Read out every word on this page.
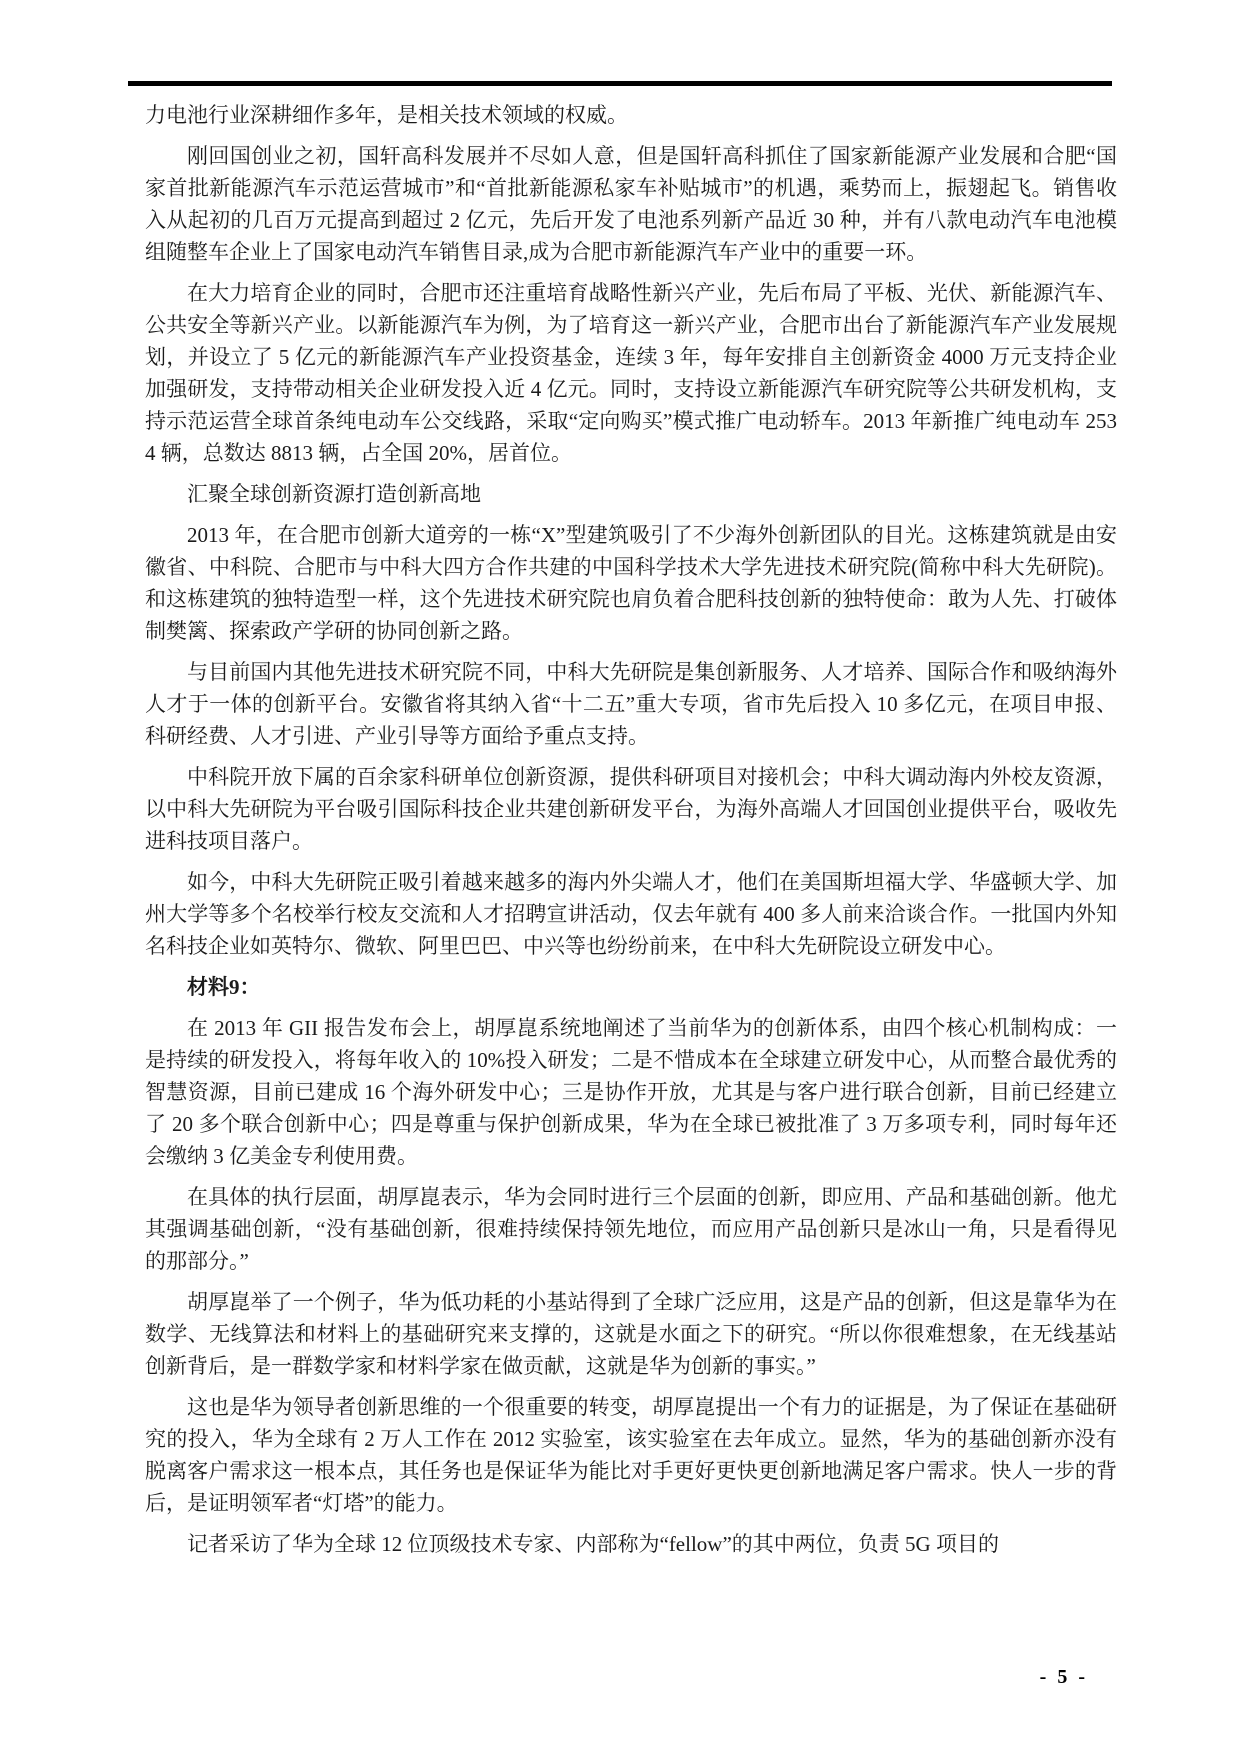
力电池行业深耕细作多年，是相关技术领域的权威。

刚回国创业之初，国轩高科发展并不尽如人意，但是国轩高科抓住了国家新能源产业发展和合肥“国家首批新能源汽车示范运营城市”和“首批新能源私家车补贴城市”的机遇，乘势而上，振翅起飞。销售收入从起初的几百万元提高到超过 2 亿元，先后开发了电池系列新产品近 30 种，并有八款电动汽车电池模组随整车企业上了国家电动汽车销售目录,成为合肥市新能源汽车产业中的重要一环。

在大力培育企业的同时，合肥市还注重培育战略性新兴产业，先后布局了平板、光伏、新能源汽车、公共安全等新兴产业。以新能源汽车为例，为了培育这一新兴产业，合肥市出台了新能源汽车产业发展规划，并设立了 5 亿元的新能源汽车产业投资基金，连续 3 年，每年安排自主创新资金 4000 万元支持企业加强研发，支持带动相关企业研发投入近 4 亿元。同时，支持设立新能源汽车研究院等公共研发机构，支持示范运营全球首条纯电动车公交线路，采取“定向购买”模式推广电动轿车。2013 年新推广纯电动车 2534 辆，总数达 8813 辆，占全国 20%，居首位。

汇聚全球创新资源打造创新高地

2013 年，在合肥市创新大道旁的一栋“X”型建筑吸引了不少海外创新团队的目光。这栋建筑就是由安徽省、中科院、合肥市与中科大四方合作共建的中国科学技术大学先进技术研究院(简称中科大先研院)。和这栋建筑的独特造型一样，这个先进技术研究院也肩负着合肥科技创新的独特使命：敢为人先、打破体制樊篱、探索政产学研的协同创新之路。

与目前国内其他先进技术研究院不同，中科大先研院是集创新服务、人才培养、国际合作和吸纳海外人才于一体的创新平台。安徽省将其纳入省“十二五”重大专项，省市先后投入 10 多亿元，在项目申报、科研经费、人才引进、产业引导等方面给予重点支持。

中科院开放下属的百余家科研单位创新资源，提供科研项目对接机会；中科大调动海内外校友资源，以中科大先研院为平台吸引国际科技企业共建创新研发平台，为海外高端人才回国创业提供平台，吸收先进科技项目落户。

如今，中科大先研院正吸引着越来越多的海内外尖端人才，他们在美国斯坦福大学、华盛顿大学、加州大学等多个名校举行校友交流和人才招聘宣讲活动，仅去年就有 400 多人前来洽谈合作。一批国内外知名科技企业如英特尔、微软、阿里巴巴、中兴等也纷纷前来，在中科大先研院设立研发中心。

材料9：

在 2013 年 GII 报告发布会上，胡厚崑系统地阐述了当前华为的创新体系，由四个核心机制构成：一是持续的研发投入，将每年收入的 10%投入研发；二是不惜成本在全球建立研发中心，从而整合最优秀的智慧资源，目前已建成 16 个海外研发中心；三是协作开放，尤其是与客户进行联合创新，目前已经建立了 20 多个联合创新中心；四是尊重与保护创新成果，华为在全球已被批准了 3 万多项专利，同时每年还会缴纳 3 亿美金专利使用费。

在具体的执行层面，胡厚崑表示，华为会同时进行三个层面的创新，即应用、产品和基础创新。他尤其强调基础创新，“没有基础创新，很难持续保持领先地位，而应用产品创新只是冰山一角，只是看得见的那部分。”

胡厚崑举了一个例子，华为低功耗的小基站得到了全球广泛应用，这是产品的创新，但这是靠华为在数学、无线算法和材料上的基础研究来支撑的，这就是水面之下的研究。“所以你很难想象，在无线基站创新背后，是一群数学家和材料学家在做贡献，这就是华为创新的事实。”

这也是华为领导者创新思维的一个很重要的转变，胡厚崑提出一个有力的证据是，为了保证在基础研究的投入，华为全球有 2 万人工作在 2012 实验室，该实验室在去年成立。显然，华为的基础创新亦没有脱离客户需求这一根本点，其任务也是保证华为能比对手更好更快更创新地满足客户需求。快人一步的背后，是证明领军者“灯塔”的能力。

记者采访了华为全球 12 位顶级技术专家、内部称为“fellow”的其中两位，负责 5G 项目的

- 5 -
